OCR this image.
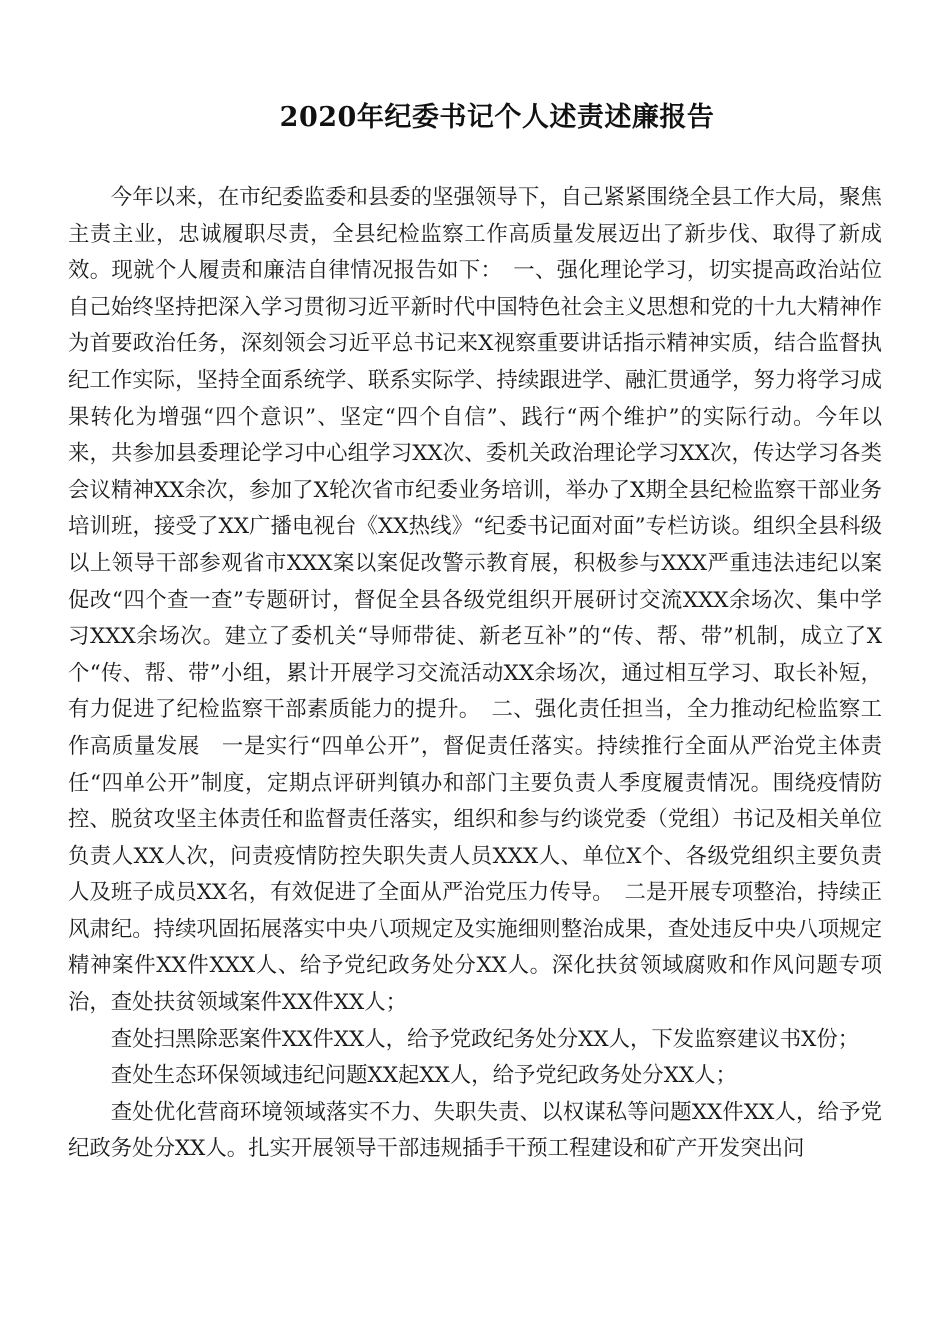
2020年纪委书记个人述责述廉报告

今年以来，在市纪委监委和县委的坚强领导下，自己紧紧围绕全县工作大局，聚焦主责主业，忠诚履职尽责，全县纪检监察工作高质量发展迈出了新步伐、取得了新成效。现就个人履责和廉洁自律情况报告如下：　一、强化理论学习，切实提高政治站位　自己始终坚持把深入学习贯彻习近平新时代中国特色社会主义思想和党的十九大精神作为首要政治任务，深刻领会习近平总书记来X视察重要讲话指示精神实质，结合监督执纪工作实际，坚持全面系统学、联系实际学、持续跟进学、融汇贯通学，努力将学习成果转化为增强“四个意识”、坚定“四个自信”、践行“两个维护”的实际行动。今年以来，共参加县委理论学习中心组学习XX次、委机关政治理论学习XX次，传达学习各类会议精神XX余次，参加了X轮次省市纪委业务培训，举办了X期全县纪检监察干部业务培训班，接受了XX广播电视台《XX热线》“纪委书记面对面”专栏访谈。组织全县科级以上领导干部参观省市XXX案以案促改警示教育展，积极参与XXX严重违法违纪以案促改“四个查一查”专题研讨，督促全县各级党组织开展研讨交流XXX余场次、集中学习XXX余场次。建立了委机关“导师带徒、新老互补”的“传、帮、带”机制，成立了X个“传、帮、带”小组，累计开展学习交流活动XX余场次，通过相互学习、取长补短，有力促进了纪检监察干部素质能力的提升。　二、强化责任担当，全力推动纪检监察工作高质量发展　一是实行“四单公开”，督促责任落实。持续推行全面从严治党主体责任“四单公开”制度，定期点评研判镇办和部门主要负责人季度履责情况。围绕疫情防控、脱贫攻坚主体责任和监督责任落实，组织和参与约谈党委（党组）书记及相关单位负责人XX人次，问责疫情防控失职失责人员XXX人、单位X个、各级党组织主要负责人及班子成员XX名，有效促进了全面从严治党压力传导。　二是开展专项整治，持续正风肃纪。持续巩固拓展落实中央八项规定及实施细则整治成果，查处违反中央八项规定精神案件XX件XXX人、给予党纪政务处分XX人。深化扶贫领域腐败和作风问题专项治，查处扶贫领域案件XX件XX人；

查处扫黑除恶案件XX件XX人，给予党政纪务处分XX人，下发监察建议书X份；

查处生态环保领域违纪问题XX起XX人，给予党纪政务处分XX人；

查处优化营商环境领域落实不力、失职失责、以权谋私等问题XX件XX人，给予党纪政务处分XX人。扎实开展领导干部违规插手干预工程建设和矿产开发突出问
